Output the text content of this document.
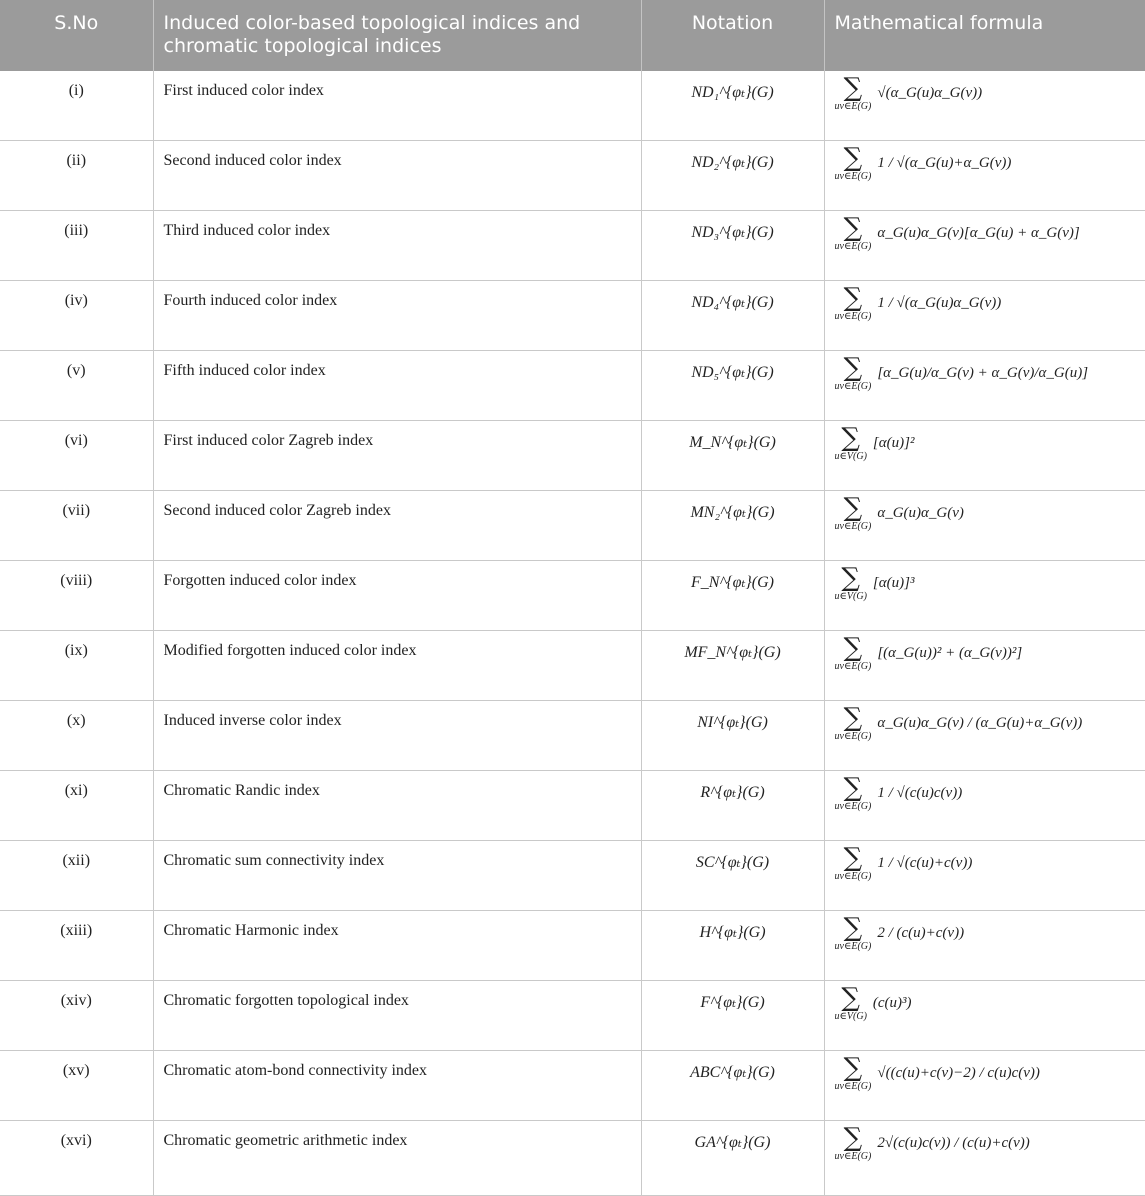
S.No	Induced color-based topological indices and chromatic topological indices	Notation	Mathematical formula
(i)	First induced color index	ND₁^{φₜ}(G)	∑
uv∈E(G)
√(α_G(u)α_G(v))
(ii)	Second induced color index	ND₂^{φₜ}(G)	∑
uv∈E(G)
1 / √(α_G(u)+α_G(v))
(iii)	Third induced color index	ND₃^{φₜ}(G)	∑
uv∈E(G)
α_G(u)α_G(v)[α_G(u) + α_G(v)]
(iv)	Fourth induced color index	ND₄^{φₜ}(G)	∑
uv∈E(G)
1 / √(α_G(u)α_G(v))
(v)	Fifth induced color index	ND₅^{φₜ}(G)	∑
uv∈E(G)
[α_G(u)/α_G(v) + α_G(v)/α_G(u)]
(vi)	First induced color Zagreb index	M_N^{φₜ}(G)	∑
u∈V(G)
[α(u)]²
(vii)	Second induced color Zagreb index	MN₂^{φₜ}(G)	∑
uv∈E(G)
α_G(u)α_G(v)
(viii)	Forgotten induced color index	F_N^{φₜ}(G)	∑
u∈V(G)
[α(u)]³
(ix)	Modified forgotten induced color index	MF_N^{φₜ}(G)	∑
uv∈E(G)
[(α_G(u))² + (α_G(v))²]
(x)	Induced inverse color index	NI^{φₜ}(G)	∑
uv∈E(G)
α_G(u)α_G(v) / (α_G(u)+α_G(v))
(xi)	Chromatic Randic index	R^{φₜ}(G)	∑
uv∈E(G)
1 / √(c(u)c(v))
(xii)	Chromatic sum connectivity index	SC^{φₜ}(G)	∑
uv∈E(G)
1 / √(c(u)+c(v))
(xiii)	Chromatic Harmonic index	H^{φₜ}(G)	∑
uv∈E(G)
2 / (c(u)+c(v))
(xiv)	Chromatic forgotten topological index	F^{φₜ}(G)	∑
u∈V(G)
(c(u)³)
(xv)	Chromatic atom-bond connectivity index	ABC^{φₜ}(G)	∑
uv∈E(G)
√((c(u)+c(v)−2) / c(u)c(v))
(xvi)	Chromatic geometric arithmetic index	GA^{φₜ}(G)	∑
uv∈E(G)
2√(c(u)c(v)) / (c(u)+c(v))
